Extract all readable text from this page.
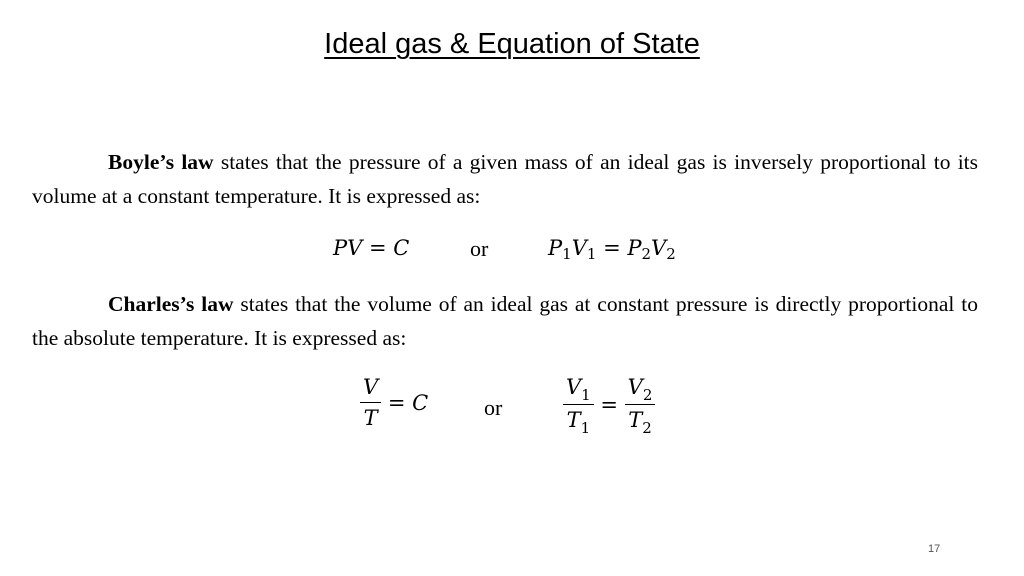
Ideal gas & Equation of State

Boyle’s law states that the pressure of a given mass of an ideal gas is inversely proportional to its volume at a constant temperature. It is expressed as:

PV = C	or	P 1 V 1 = P 2 V 2

Charles’s law states that the volume of an ideal gas at constant pressure is directly proportional to the absolute temperature. It is expressed as:

$\frac{V}{T} = C$	or	$\frac{V_1}{T_1} = \frac{V_2}{T_2}$
17
